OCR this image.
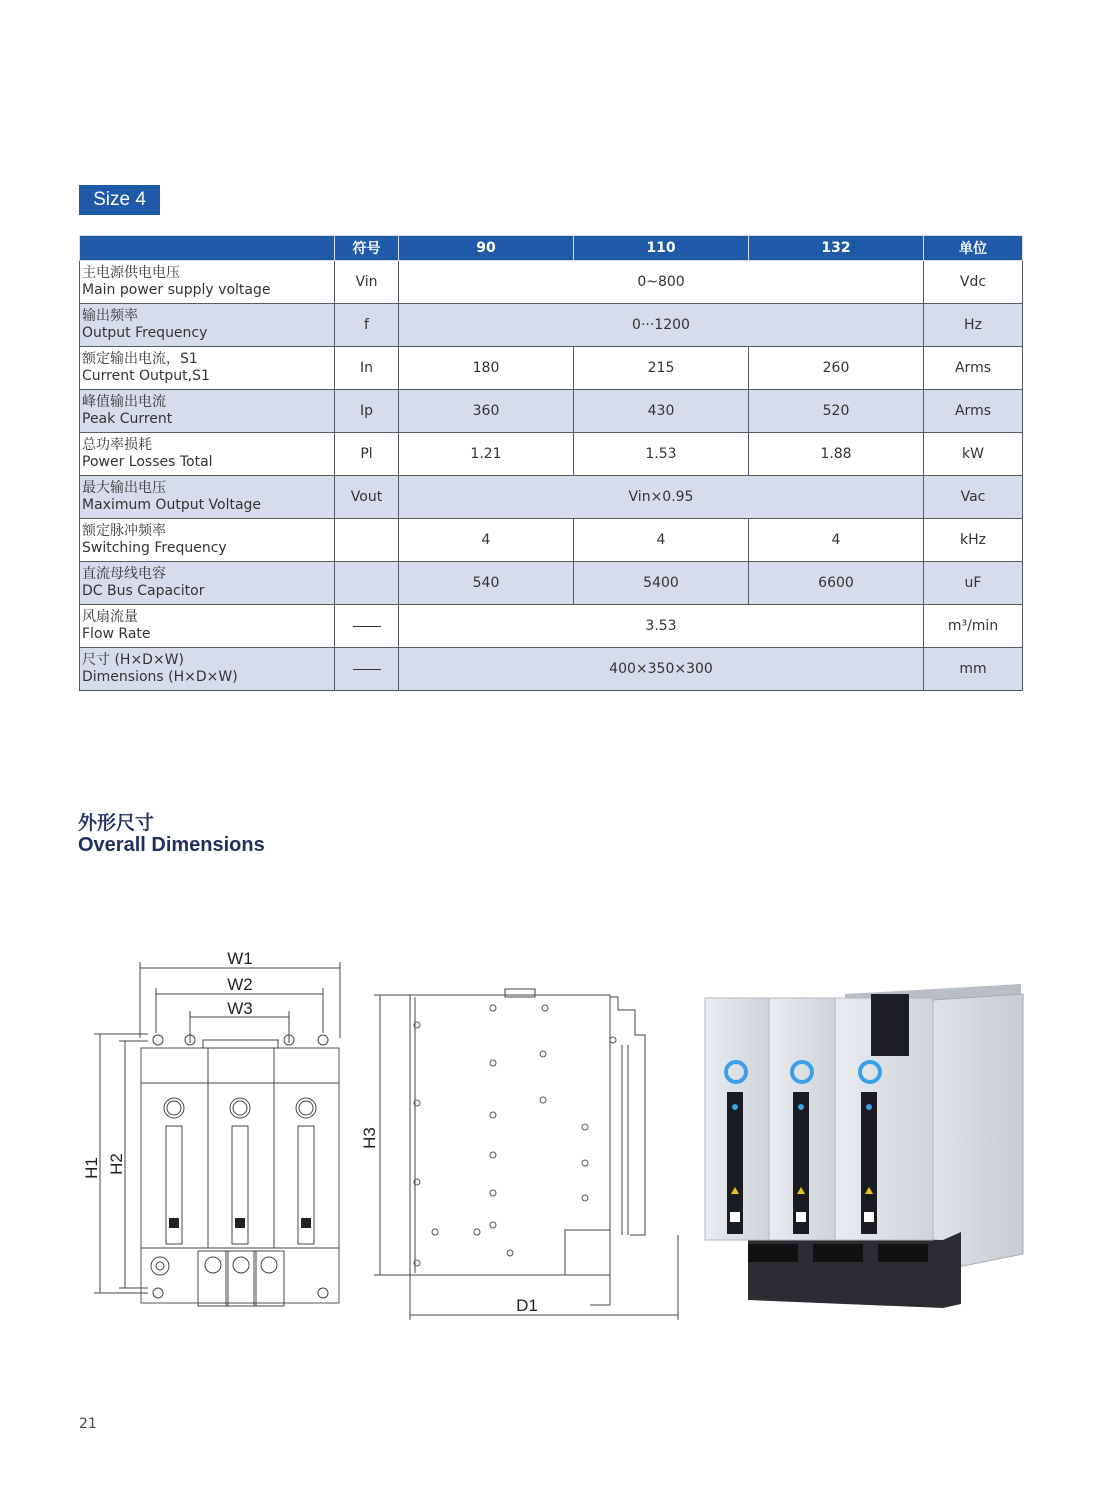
Size 4
	符号	90	110	132	单位

主电源供电电压
Main power supply voltage	Vin	0~800			Vdc

输出频率
Output Frequency	f	0···1200			Hz

额定输出电流，S1
Current Output,S1	In	180	215	260	Arms

峰值输出电流
Peak Current	Ip	360	430	520	Arms

总功率损耗
Power Losses Total	Pl	1.21	1.53	1.88	kW

最大输出电压
Maximum Output Voltage	Vout	Vin×0.95			Vac

额定脉冲频率
Switching Frequency		4	4	4	kHz

直流母线电容
DC Bus Capacitor		540	5400	6600	uF

风扇流量
Flow Rate		3.53			m³/min

尺寸 (H×D×W)
Dimensions (H×D×W)		400×350×300			mm
外形尺寸
Overall Dimensions
W1
W2
W3
H1 H2
H3
D1
21
